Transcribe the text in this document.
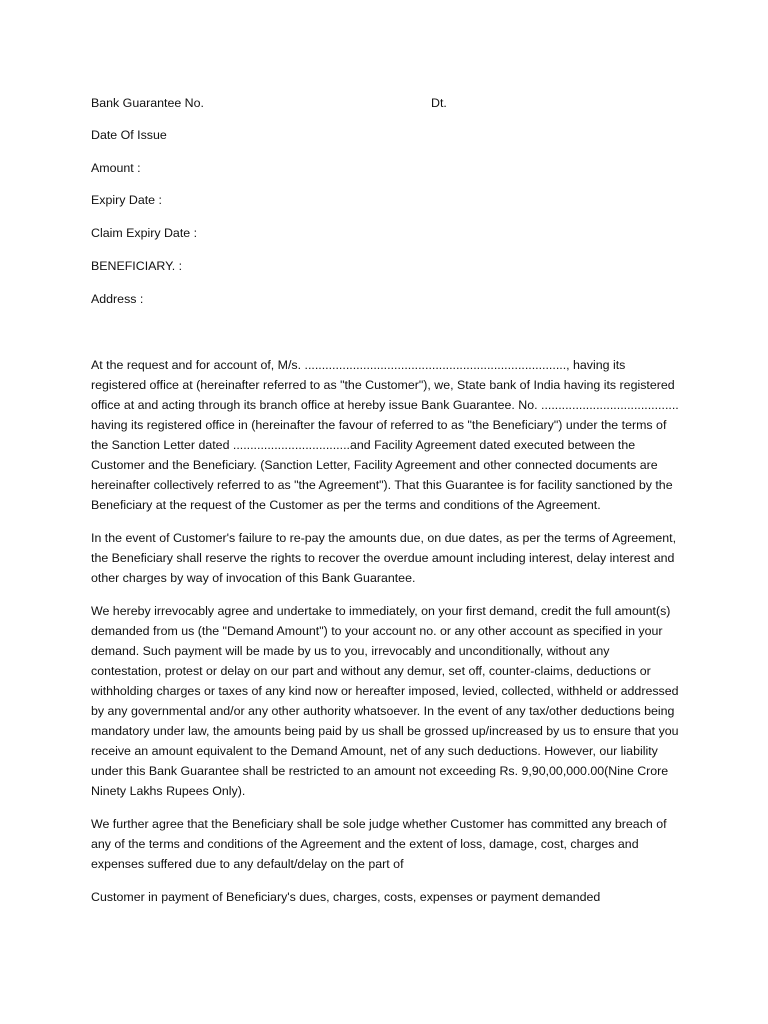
Bank Guarantee No.	Dt.
Date Of Issue
Amount :
Expiry Date :
Claim Expiry Date :
BENEFICIARY. :
Address :

At the request and for account of, M/s. ............................................................................, having its registered office at (hereinafter referred to as "the Customer"), we, State bank of India having its registered office at and acting through its branch office at hereby issue Bank Guarantee. No. ........................................ having its registered office in (hereinafter the favour of referred to as "the Beneficiary") under the terms of the Sanction Letter dated ..................................and Facility Agreement dated executed between the Customer and the Beneficiary. (Sanction Letter, Facility Agreement and other connected documents are hereinafter collectively referred to as "the Agreement"). That this Guarantee is for facility sanctioned by the Beneficiary at the request of the Customer as per the terms and conditions of the Agreement.

In the event of Customer's failure to re-pay the amounts due, on due dates, as per the terms of Agreement, the Beneficiary shall reserve the rights to recover the overdue amount including interest, delay interest and other charges by way of invocation of this Bank Guarantee.

We hereby irrevocably agree and undertake to immediately, on your first demand, credit the full amount(s) demanded from us (the "Demand Amount") to your account no. or any other account as specified in your demand. Such payment will be made by us to you, irrevocably and unconditionally, without any contestation, protest or delay on our part and without any demur, set off, counter-claims, deductions or withholding charges or taxes of any kind now or hereafter imposed, levied, collected, withheld or addressed by any governmental and/or any other authority whatsoever. In the event of any tax/other deductions being mandatory under law, the amounts being paid by us shall be grossed up/increased by us to ensure that you receive an amount equivalent to the Demand Amount, net of any such deductions. However, our liability under this Bank Guarantee shall be restricted to an amount not exceeding Rs. 9,90,00,000.00(Nine Crore Ninety Lakhs Rupees Only).

We further agree that the Beneficiary shall be sole judge whether Customer has committed any breach of any of the terms and conditions of the Agreement and the extent of loss, damage, cost, charges and expenses suffered due to any default/delay on the part of

Customer in payment of Beneficiary's dues, charges, costs, expenses or payment demanded
